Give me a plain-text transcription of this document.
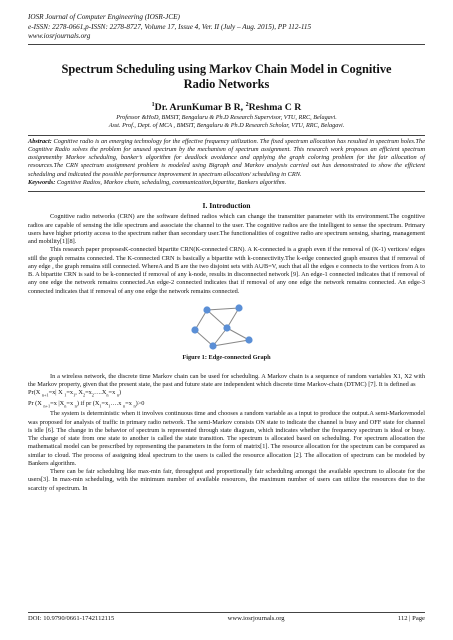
IOSR Journal of Computer Engineering (IOSR-JCE)
e-ISSN: 2278-0661,p-ISSN: 2278-8727, Volume 17, Issue 4, Ver. II (July – Aug. 2015), PP 112-115
www.iosrjournals.org
Spectrum Scheduling using Markov Chain Model in Cognitive Radio Networks
$^1$Dr. ArunKumar B R, $^2$Reshma C R
Professor &HoD, BMSIT, Bengaluru & Ph.D Research Supervisor, VTU, RRC, Belagavi.
Asst. Prof., Dept. of MCA , BMSIT, Bengaluru & Ph.D Research Scholar, VTU, RRC, Belagavi.

Abstract: Cognitive radio is an emerging technology for the effective frequency utilization. The fixed spectrum allocation has resulted in spectrum holes.The Cognitive Radio solves the problem for unused spectrum by the mechanism of spectrum assignment. This research work proposes an efficient spectrum assignmentby Markov scheduling, banker’s algorithm for deadlock avoidance and applying the graph coloring problem for the fair allocation of resources.The CRN spectrum assignment problem is modeled using Bigraph and Markov analysis carried out has demonstrated to show the efficient scheduling and indicated the possible performance improvement in spectrum allocation/ scheduling in CRN.

Keywords: Cognitive Radios, Markov chain, scheduling, communication,bipartite, Bankers algorithm.

I. Introduction

Cognitive radio networks (CRN) are the software defined radios which can change the transmitter parameter with its environment.The cognitive radios are capable of sensing the idle spectrum and associate the channel to the user. The cognitive radios are the intelligent to sense the spectrum. Primary users have higher priority access to the spectrum rather than secondary user.The functionalities of cognitive radio are spectrum sensing, sharing, management and mobility[1][8].

This research paper proposesK-connected bipartite CRN(K-connected CRN). A K-connected is a graph even if the removal of (K-1) vertices/ edges still the graph remains connected. The K-connected CRN is basically a bipartite with k-connectivity.The k-edge connected graph ensures that if removal of any edge , the graph remains still connected. WhereA and B are the two disjoint sets with A∪B=V, such that all the edges e connects to the vertices from A to B. A bipartite CRN is said to be k-connected if removal of any k-node, results in disconnected network [9]. An edge-1 connected indicates that if removal of any one edge the network remains connected.An edge-2 connected indicates that if removal of any one edge the network remains connected. An edge-3 connected indicates that if removal of any one edge the network remains connected.

Figure 1: Edge-connected Graph

In a wireless network, the discrete time Markov chain can be used for scheduling. A Markov chain is a sequence of random variables X1, X2 with the Markov property, given that the present state, the past and future state are independent which discrete time Markov-chain (DTMC) [7]. It is defined as

Pr(X $_{n+1}$=x| X $_1=x_1$, $X_2=x_2\dots.X_n=x$ $_n$)

Pr (X $_{n+1}$=x $|X_n=x$ $_n$) if pr ($X_1=x_1\dots.x$ $_n$=x $_n$)>0

The system is deterministic when it involves continuous time and chooses a random variable as a input to produce the output.A semi-Markovmodel was proposed for analysis of traffic in primary radio network. The semi-Markov consists ON state to indicate the channel is busy and OFF state for channel is idle [6]. The change in the behavior of spectrum is represented through state diagram, which indicates whether the frequency spectrum is ideal or busy. The change of state from one state to another is called the state transition. The spectrum is allocated based on scheduling. For spectrum allocation the mathematical model can be prescribed by representing the parameters in the form of matrix[1]. The resource allocation for the spectrum can be compared as similar to cloud. The process of assigning ideal spectrum to the users is called the resource allocation [2]. The allocation of spectrum can be modeled by Bankers algorithm.

There can be fair scheduling like max-min fair, throughput and proportionally fair scheduling amongst the available spectrum to allocate for the users[3]. In max-min scheduling, with the minimum number of available resources, the maximum number of users can utilize the resources due to the scarcity of spectrum. In

DOI: 10.9790/0661-1742112115	www.iosrjournals.org	112 | Page
